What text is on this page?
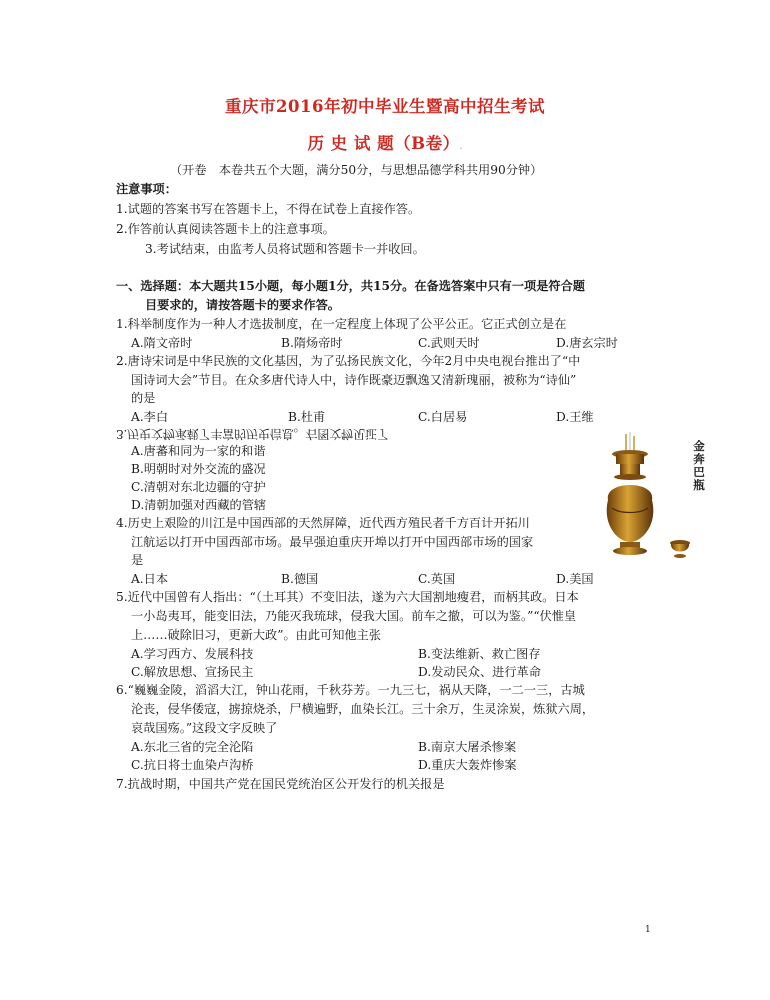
重庆市2016年初中毕业生暨高中招生考试
历 史 试 题（B卷）.
（开卷　本卷共五个大题，满分50分，与思想品德学科共用90分钟）
注意事项：
1.试题的答案书写在答题卡上，不得在试卷上直接作答。
2.作答前认真阅读答题卡上的注意事项。
3.考试结束，由监考人员将试题和答题卡一并收回。
一、选择题：本大题共15小题，每小题1分，共15分。在备选答案中只有一项是符合题
目要求的，请按答题卡的要求作答。
1.科举制度作为一种人才选拔制度，在一定程度上体现了公平公正。它正式创立是在
A.隋文帝时	B.隋炀帝时	C.武则天时	D.唐玄宗时
2.唐诗宋词是中华民族的文化基因，为了弘扬民族文化，今年2月中央电视台推出了“中
国诗词大会”节目。在众多唐代诗人中，诗作既豪迈飘逸又清新瑰丽，被称为“诗仙”
的是
A.李白	B.杜甫	C.白居易	D.王维
3.历史文物承载了丰富的历史信息。右图文物见证了
A.唐蕃和同为一家的和谐
B.明朝时对外交流的盛况
C.清朝对东北边疆的守护
D.清朝加强对西藏的管辖
金奔巴瓶
4.历史上艰险的川江是中国西部的天然屏障，近代西方殖民者千方百计开拓川
江航运以打开中国西部市场。最早强迫重庆开埠以打开中国西部市场的国家
是
A.日本	B.德国	C.英国	D.美国
5.近代中国曾有人指出：“（土耳其）不变旧法，遂为六大国割地瘦君，而柄其政。日本
一小岛夷耳，能变旧法，乃能灭我琉球，侵我大国。前车之撤，可以为鉴。”“伏惟皇
上……破除旧习，更新大政”。由此可知他主张
A.学习西方、发展科技	B.变法维新、救亡图存
C.解放思想、宣扬民主	D.发动民众、进行革命
6.“巍巍金陵，滔滔大江，钟山花雨，千秋芬芳。一九三七，祸从天降，一二一三，古城
沦丧，侵华倭寇，掳掠烧杀，尸横遍野，血染长江。三十余万，生灵涂炭，炼狱六周，
哀哉国殇。”这段文字反映了
A.东北三省的完全沦陷	B.南京大屠杀惨案
C.抗日将士血染卢沟桥	D.重庆大轰炸惨案
7.抗战时期，中国共产党在国民党统治区公开发行的机关报是
1
